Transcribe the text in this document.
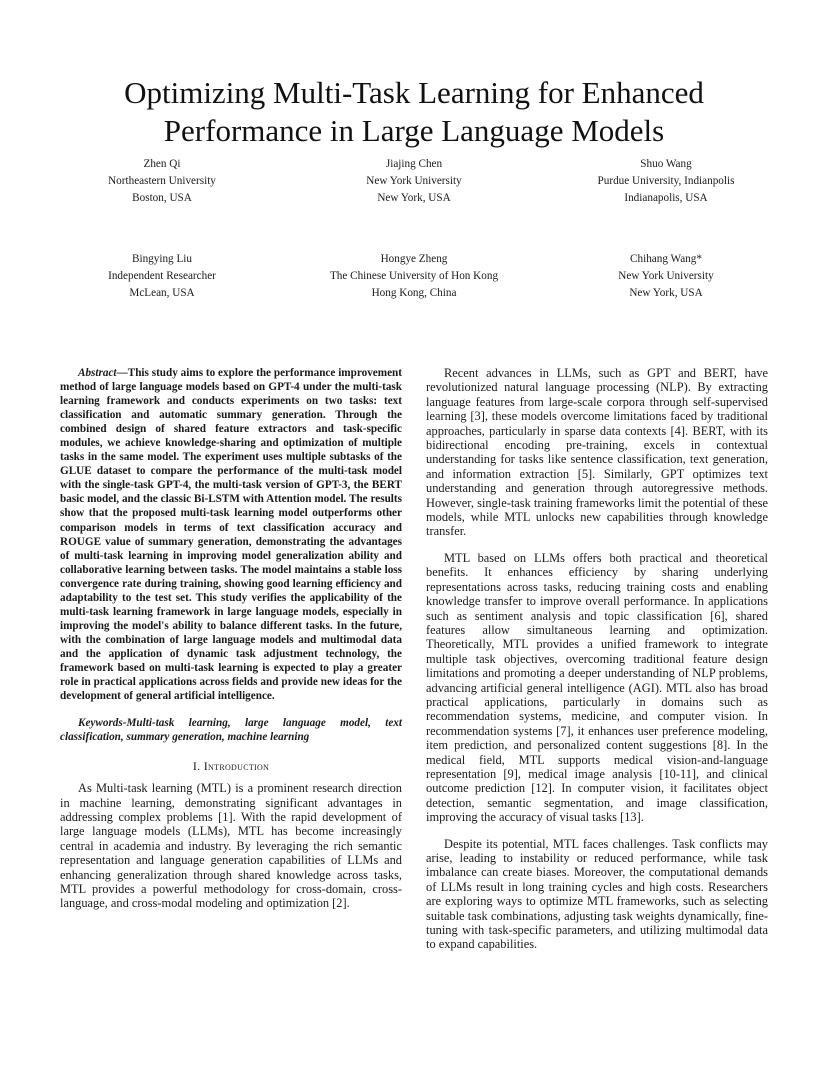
Optimizing Multi-Task Learning for Enhanced
Performance in Large Language Models
Zhen Qi
Northeastern University
Boston, USA
Jiajing Chen
New York University
New York, USA
Shuo Wang
Purdue University, Indianpolis
Indianapolis, USA
Bingying Liu
Independent Researcher
McLean, USA
Hongye Zheng
The Chinese University of Hon Kong
Hong Kong, China
Chihang Wang*
New York University
New York, USA

Abstract—This study aims to explore the performance improvement method of large language models based on GPT-4 under the multi-task learning framework and conducts experiments on two tasks: text classification and automatic summary generation. Through the combined design of shared feature extractors and task-specific modules, we achieve knowledge-sharing and optimization of multiple tasks in the same model. The experiment uses multiple subtasks of the GLUE dataset to compare the performance of the multi-task model with the single-task GPT-4, the multi-task version of GPT-3, the BERT basic model, and the classic Bi-LSTM with Attention model. The results show that the proposed multi-task learning model outperforms other comparison models in terms of text classification accuracy and ROUGE value of summary generation, demonstrating the advantages of multi-task learning in improving model generalization ability and collaborative learning between tasks. The model maintains a stable loss convergence rate during training, showing good learning efficiency and adaptability to the test set. This study verifies the applicability of the multi-task learning framework in large language models, especially in improving the model's ability to balance different tasks. In the future, with the combination of large language models and multimodal data and the application of dynamic task adjustment technology, the framework based on multi-task learning is expected to play a greater role in practical applications across fields and provide new ideas for the development of general artificial intelligence.

Keywords-Multi-task learning, large language model, text classification, summary generation, machine learning

I. Introduction

As Multi-task learning (MTL) is a prominent research direction in machine learning, demonstrating significant advantages in addressing complex problems [1]. With the rapid development of large language models (LLMs), MTL has become increasingly central in academia and industry. By leveraging the rich semantic representation and language generation capabilities of LLMs and enhancing generalization through shared knowledge across tasks, MTL provides a powerful methodology for cross-domain, cross-language, and cross-modal modeling and optimization [2].

Recent advances in LLMs, such as GPT and BERT, have revolutionized natural language processing (NLP). By extracting language features from large-scale corpora through self-supervised learning [3], these models overcome limitations faced by traditional approaches, particularly in sparse data contexts [4]. BERT, with its bidirectional encoding pre-training, excels in contextual understanding for tasks like sentence classification, text generation, and information extraction [5]. Similarly, GPT optimizes text understanding and generation through autoregressive methods. However, single-task training frameworks limit the potential of these models, while MTL unlocks new capabilities through knowledge transfer.

MTL based on LLMs offers both practical and theoretical benefits. It enhances efficiency by sharing underlying representations across tasks, reducing training costs and enabling knowledge transfer to improve overall performance. In applications such as sentiment analysis and topic classification [6], shared features allow simultaneous learning and optimization. Theoretically, MTL provides a unified framework to integrate multiple task objectives, overcoming traditional feature design limitations and promoting a deeper understanding of NLP problems, advancing artificial general intelligence (AGI). MTL also has broad practical applications, particularly in domains such as recommendation systems, medicine, and computer vision. In recommendation systems [7], it enhances user preference modeling, item prediction, and personalized content suggestions [8]. In the medical field, MTL supports medical vision-and-language representation [9], medical image analysis [10-11], and clinical outcome prediction [12]. In computer vision, it facilitates object detection, semantic segmentation, and image classification, improving the accuracy of visual tasks [13].

Despite its potential, MTL faces challenges. Task conflicts may arise, leading to instability or reduced performance, while task imbalance can create biases. Moreover, the computational demands of LLMs result in long training cycles and high costs. Researchers are exploring ways to optimize MTL frameworks, such as selecting suitable task combinations, adjusting task weights dynamically, fine-tuning with task-specific parameters, and utilizing multimodal data to expand capabilities.
